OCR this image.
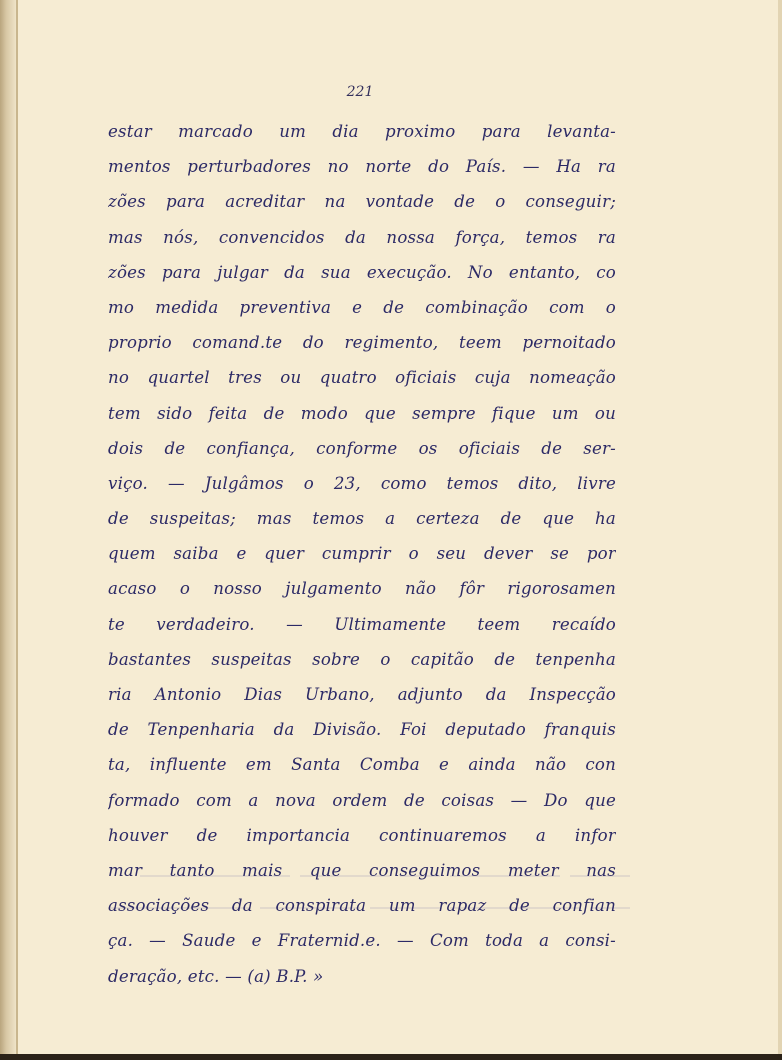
221
estar marcado um dia proximo para levanta-
mentos perturbadores no norte do País. — Ha ra
zões para acreditar na vontade de o conseguir;
mas nós, convencidos da nossa força, temos ra
zões para julgar da sua execução. No entanto, co
mo medida preventiva e de combinação com o
proprio comand.te do regimento, teem pernoitado
no quartel tres ou quatro oficiais cuja nomeação
tem sido feita de modo que sempre fique um ou
dois de confiança, conforme os oficiais de ser-
viço. — Julgâmos o 23, como temos dito, livre
de suspeitas; mas temos a certeza de que ha
quem saiba e quer cumprir o seu dever se por
acaso o nosso julgamento não fôr rigorosamen
te verdadeiro. — Ultimamente teem recaído
bastantes suspeitas sobre o capitão de tenpenha
ria Antonio Dias Urbano, adjunto da Inspecção
de Tenpenharia da Divisão. Foi deputado franquis
ta, influente em Santa Comba e ainda não con
formado com a nova ordem de coisas — Do que
houver de importancia continuaremos a infor
mar tanto mais que conseguimos meter nas
associações da conspirata um rapaz de confian
ça. — Saude e Fraternid.e. — Com toda a consi-
deração, etc. — (a) B.P. »
